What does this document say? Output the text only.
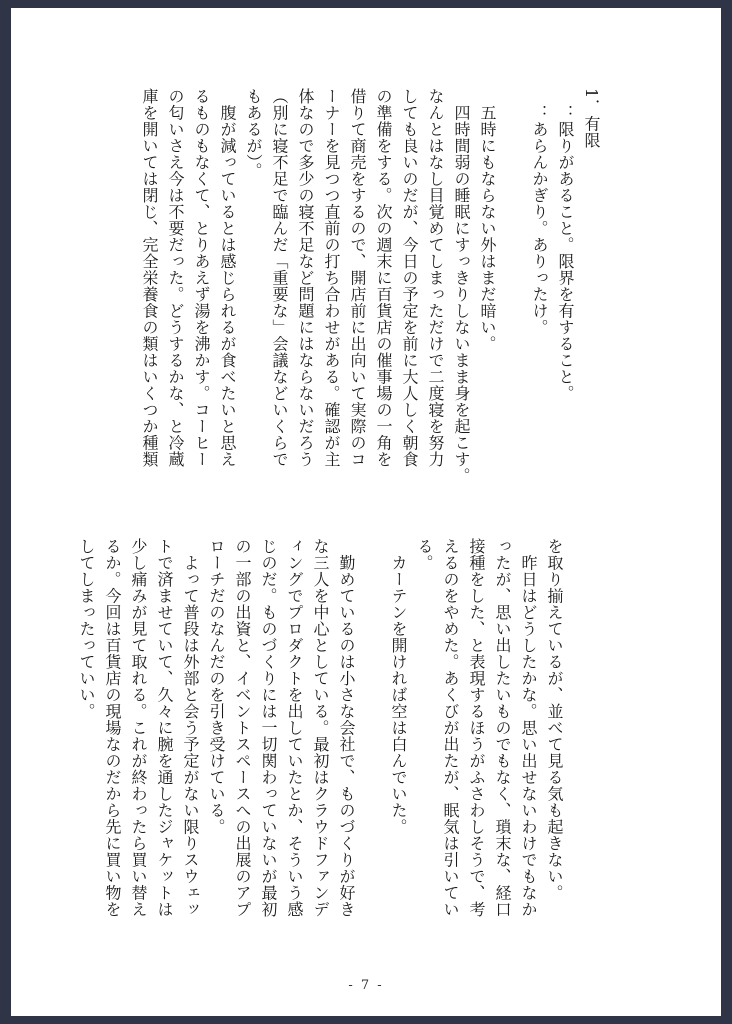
1．有限
　：限りがあること。限界を有すること。
　：あらんかぎり。ありったけ。

　五時にもならない外はまだ暗い。
　四時間弱の睡眠にすっきりしないまま身を起こす。
なんとはなし目覚めてしまっただけで二度寝を努力
しても良いのだが、今日の予定を前に大人しく朝食
の準備をする。次の週末に百貨店の催事場の一角を
借りて商売をするので、開店前に出向いて実際のコ
ーナーを見つつ直前の打ち合わせがある。確認が主
体なので多少の寝不足など問題にはならないだろう
（別に寝不足で臨んだ「重要な」会議などいくらで
もあるが）。
　腹が減っているとは感じられるが食べたいと思え
るものもなくて、とりあえず湯を沸かす。コーヒー
の匂いさえ今は不要だった。どうするかな、と冷蔵
庫を開いては閉じ、完全栄養食の類はいくつか種類
を取り揃えているが、並べて見る気も起きない。
　昨日はどうしたかな。思い出せないわけでもなか
ったが、思い出したいものでもなく、瑣末な、経口
接種をした、と表現するほうがふさわしそうで、考
えるのをやめた。あくびが出たが、眠気は引いてい
る。
　カーテンを開ければ空は白んでいた。

　勤めているのは小さな会社で、ものづくりが好き
な三人を中心としている。最初はクラウドファンデ
ィングでプロダクトを出していたとか、そういう感
じのだ。ものづくりには一切関わっていないが最初
の一部の出資と、イベントスペースへの出展のアプ
ローチだのなんだのを引き受けている。
　よって普段は外部と会う予定がない限りスウェッ
トで済ませていて、久々に腕を通したジャケットは
少し痛みが見て取れる。これが終わったら買い替え
るか。今回は百貨店の現場なのだから先に買い物を
してしまったっていい。
- 7 -
